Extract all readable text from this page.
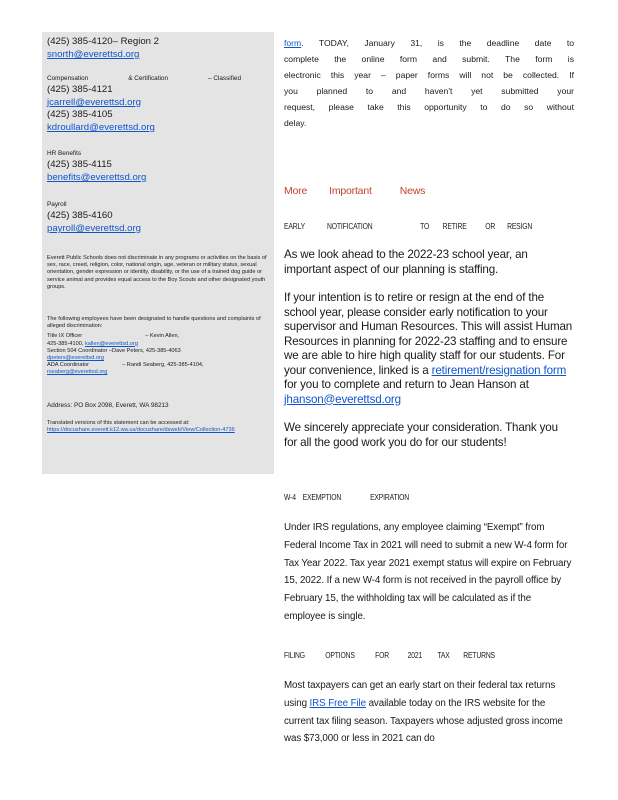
(425) 385-4120– Region 2
snorth@everettsd.org
Compensation	& Certification	– Classified
(425) 385-4121
jcarrell@everettsd.org
(425) 385-4105
kdroullard@everettsd.org
HR Benefits
(425) 385-4115
benefits@everettsd.org
Payroll
(425) 385-4160
payroll@everettsd.org

Everett Public Schools does not discriminate in any programs or activities on the basis of sex, race, creed, religion, color, national origin, age, veteran or military status, sexual orientation, gender expression or identity, disability, or the use of a trained dog guide or service animal and provides equal access to the Boy Scouts and other designated youth groups.

The following employees have been designated to handle questions and complaints of alleged discrimination:

Title IX Officer	– Kevin Allen,

425-385-4100, kallen@everettsd.org

Section 504 Coordinator –Dave Peters, 425-385-4063

dpeters@everettsd.org

ADA Coordinator	– Randi Seaberg, 425-385-4104,

rseaberg@everettsd.org

Address: PO Box 2098, Everett, WA 98213

Translated versions of this statement can be accessed at:

https://docushare.everett.k12.wa.us/docushare/dsweb/View/Collection-4736

form. TODAY, January 31, is the deadline date to
complete the online form and submit. The form is
electronic this year – paper forms will not be collected. If
you planned to and haven't yet submitted your
request, please take this opportunity to do so without
delay.
More Important	News
EARLY	NOTIFICATION	TO RETIRE OR RESIGN
As we look ahead to the 2022-23 school year, an important aspect of our planning is staffing.
If your intention is to retire or resign at the end of the school year, please consider early notification to your supervisor and Human Resources. This will assist Human Resources in planning for 2022-23 staffing and to ensure we are able to hire high quality staff for our students. For your convenience, linked is a retirement/resignation form for you to complete and return to Jean Hanson at jhanson@everettsd.org
We sincerely appreciate your consideration. Thank you for all the good work you do for our students!
W-4 EXEMPTION	EXPIRATION
Under IRS regulations, any employee claiming “Exempt” from Federal Income Tax in 2021 will need to submit a new W-4 form for Tax Year 2022. Tax year 2021 exempt status will expire on February 15, 2022. If a new W-4 form is not received in the payroll office by February 15, the withholding tax will be calculated as if the employee is single.
FILING	OPTIONS	FOR 2021 TAX RETURNS
Most taxpayers can get an early start on their federal tax returns using IRS Free File available today on the IRS website for the current tax filing season. Taxpayers whose adjusted gross income was $73,000 or less in 2021 can do
